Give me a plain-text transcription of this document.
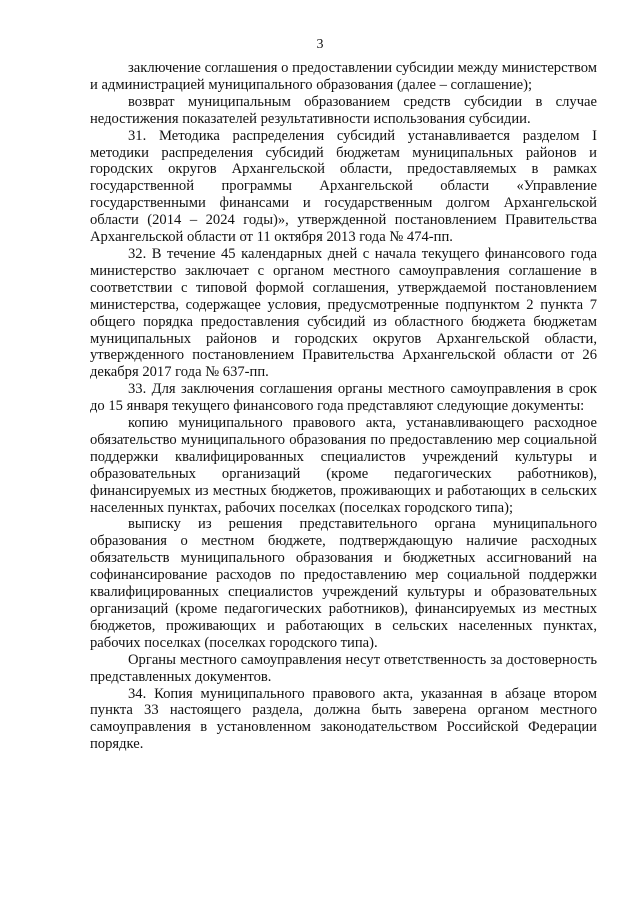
3

заключение соглашения о предоставлении субсидии между министерством и администрацией муниципального образования (далее – соглашение);

возврат муниципальным образованием средств субсидии в случае недостижения показателей результативности использования субсидии.

31. Методика распределения субсидий устанавливается разделом I методики распределения субсидий бюджетам муниципальных районов и городских округов Архангельской области, предоставляемых в рамках государственной программы Архангельской области «Управление государственными финансами и государственным долгом Архангельской области (2014 – 2024 годы)», утвержденной постановлением Правительства Архангельской области от 11 октября 2013 года № 474-пп.

32. В течение 45 календарных дней с начала текущего финансового года министерство заключает с органом местного самоуправления соглашение в соответствии с типовой формой соглашения, утверждаемой постановлением министерства, содержащее условия, предусмотренные подпунктом 2 пункта 7 общего порядка предоставления субсидий из областного бюджета бюджетам муниципальных районов и городских округов Архангельской области, утвержденного постановлением Правительства Архангельской области от 26 декабря 2017 года № 637-пп.

33. Для заключения соглашения органы местного самоуправления в срок до 15 января текущего финансового года представляют следующие документы:

копию муниципального правового акта, устанавливающего расходное обязательство муниципального образования по предоставлению мер социальной поддержки квалифицированных специалистов учреждений культуры и образовательных организаций (кроме педагогических работников), финансируемых из местных бюджетов, проживающих и работающих в сельских населенных пунктах, рабочих поселках (поселках городского типа);

выписку из решения представительного органа муниципального образования о местном бюджете, подтверждающую наличие расходных обязательств муниципального образования и бюджетных ассигнований на софинансирование расходов по предоставлению мер социальной поддержки квалифицированных специалистов учреждений культуры и образовательных организаций (кроме педагогических работников), финансируемых из местных бюджетов, проживающих и работающих в сельских населенных пунктах, рабочих поселках (поселках городского типа).

Органы местного самоуправления несут ответственность за достоверность представленных документов.

34. Копия муниципального правового акта, указанная в абзаце втором пункта 33 настоящего раздела, должна быть заверена органом местного самоуправления в установленном законодательством Российской Федерации порядке.
